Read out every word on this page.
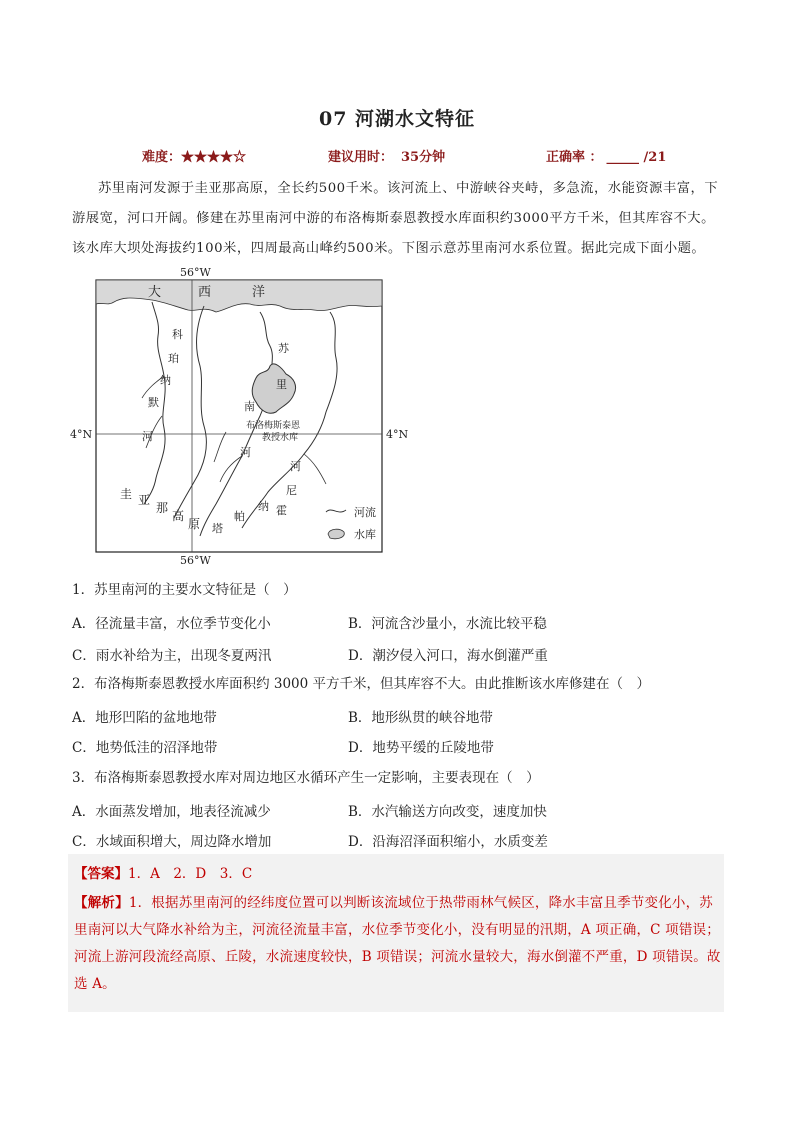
07 河湖水文特征
难度：★★★★☆	建议用时： 35分钟	正确率 ： _____ /21
苏里南河发源于圭亚那高原，全长约500千米。该河流上、中游峡谷夹峙，多急流，水能资源丰富，下游展宽，河口开阔。修建在苏里南河中游的布洛梅斯泰恩教授水库面积约3000平方千米，但其库容不大。该水库大坝处海拔约100米，四周最高山峰约500米。下图示意苏里南河水系位置。据此完成下面小题。
56°W
56°W
4°N	4°N
大	西	洋
科
珀
纳
默
河
苏
里
南
河
布洛梅斯泰恩
教授水库
圭 亚
那
高
原
河
尼
霍
纳
帕
塔
河流
水库
1．苏里南河的主要水文特征是（　）
A．径流量丰富，水位季节变化小	B．河流含沙量小，水流比较平稳
C．雨水补给为主，出现冬夏两汛	D．潮汐侵入河口，海水倒灌严重
2．布洛梅斯泰恩教授水库面积约 3000 平方千米，但其库容不大。由此推断该水库修建在（　）
A．地形凹陷的盆地地带	B．地形纵贯的峡谷地带
C．地势低洼的沼泽地带	D．地势平缓的丘陵地带
3．布洛梅斯泰恩教授水库对周边地区水循环产生一定影响，主要表现在（　）
A．水面蒸发增加，地表径流减少	B．水汽输送方向改变，速度加快
C．水域面积增大，周边降水增加	D．沿海沼泽面积缩小，水质变差
【答案】1．A　2．D　3．C
【解析】1．根据苏里南河的经纬度位置可以判断该流域位于热带雨林气候区，降水丰富且季节变化小，苏里南河以大气降水补给为主，河流径流量丰富，水位季节变化小，没有明显的汛期，A 项正确，C 项错误；河流上游河段流经高原、丘陵，水流速度较快，B 项错误；河流水量较大，海水倒灌不严重，D 项错误。故选 A。
